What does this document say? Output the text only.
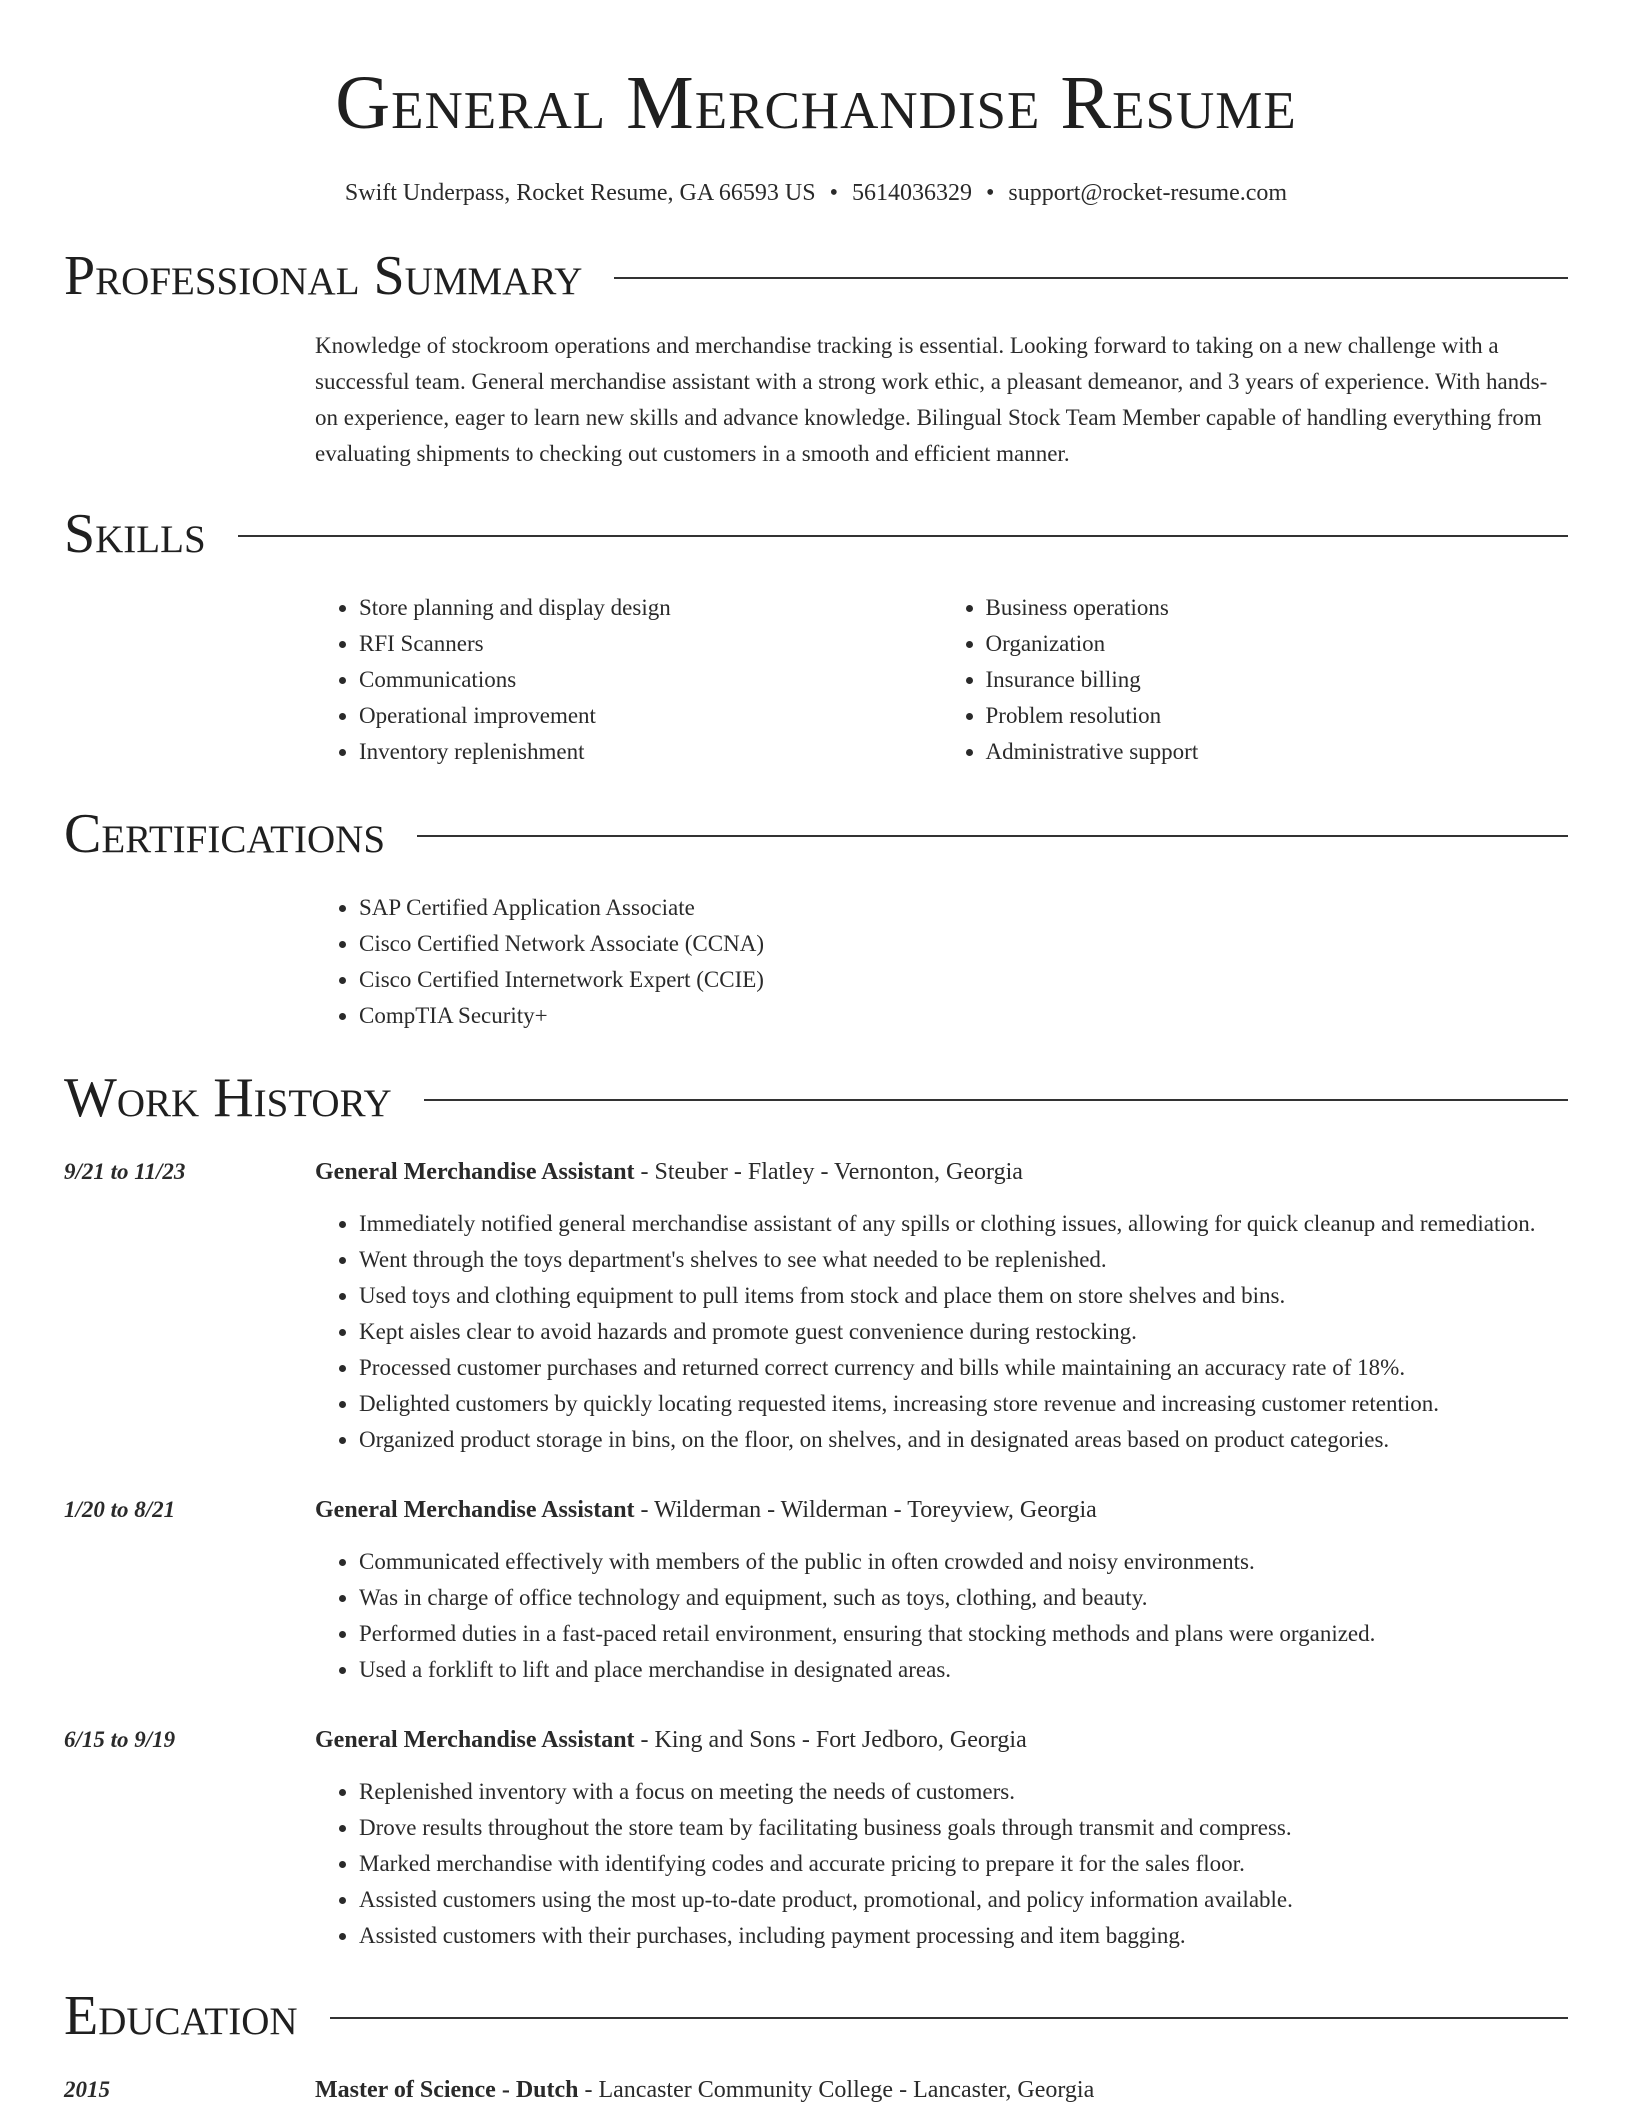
General Merchandise Resume
Swift Underpass, Rocket Resume, GA 66593 US • 5614036329 • support@rocket-resume.com
Professional Summary
Knowledge of stockroom operations and merchandise tracking is essential. Looking forward to taking on a new challenge with a successful team. General merchandise assistant with a strong work ethic, a pleasant demeanor, and 3 years of experience. With hands-on experience, eager to learn new skills and advance knowledge. Bilingual Stock Team Member capable of handling everything from evaluating shipments to checking out customers in a smooth and efficient manner.
Skills
• Store planning and display design
• RFI Scanners
• Communications
• Operational improvement
• Inventory replenishment
• Business operations
• Organization
• Insurance billing
• Problem resolution
• Administrative support
Certifications
• SAP Certified Application Associate
• Cisco Certified Network Associate (CCNA)
• Cisco Certified Internetwork Expert (CCIE)
• CompTIA Security+
Work History
9/21 to 11/23	General Merchandise Assistant - Steuber - Flatley - Vernonton, Georgia
• Immediately notified general merchandise assistant of any spills or clothing issues, allowing for quick cleanup and remediation.
• Went through the toys department's shelves to see what needed to be replenished.
• Used toys and clothing equipment to pull items from stock and place them on store shelves and bins.
• Kept aisles clear to avoid hazards and promote guest convenience during restocking.
• Processed customer purchases and returned correct currency and bills while maintaining an accuracy rate of 18%.
• Delighted customers by quickly locating requested items, increasing store revenue and increasing customer retention.
• Organized product storage in bins, on the floor, on shelves, and in designated areas based on product categories.
1/20 to 8/21	General Merchandise Assistant - Wilderman - Wilderman - Toreyview, Georgia
• Communicated effectively with members of the public in often crowded and noisy environments.
• Was in charge of office technology and equipment, such as toys, clothing, and beauty.
• Performed duties in a fast-paced retail environment, ensuring that stocking methods and plans were organized.
• Used a forklift to lift and place merchandise in designated areas.
6/15 to 9/19	General Merchandise Assistant - King and Sons - Fort Jedboro, Georgia
• Replenished inventory with a focus on meeting the needs of customers.
• Drove results throughout the store team by facilitating business goals through transmit and compress.
• Marked merchandise with identifying codes and accurate pricing to prepare it for the sales floor.
• Assisted customers using the most up-to-date product, promotional, and policy information available.
• Assisted customers with their purchases, including payment processing and item bagging.
Education
2015	Master of Science - Dutch - Lancaster Community College - Lancaster, Georgia
